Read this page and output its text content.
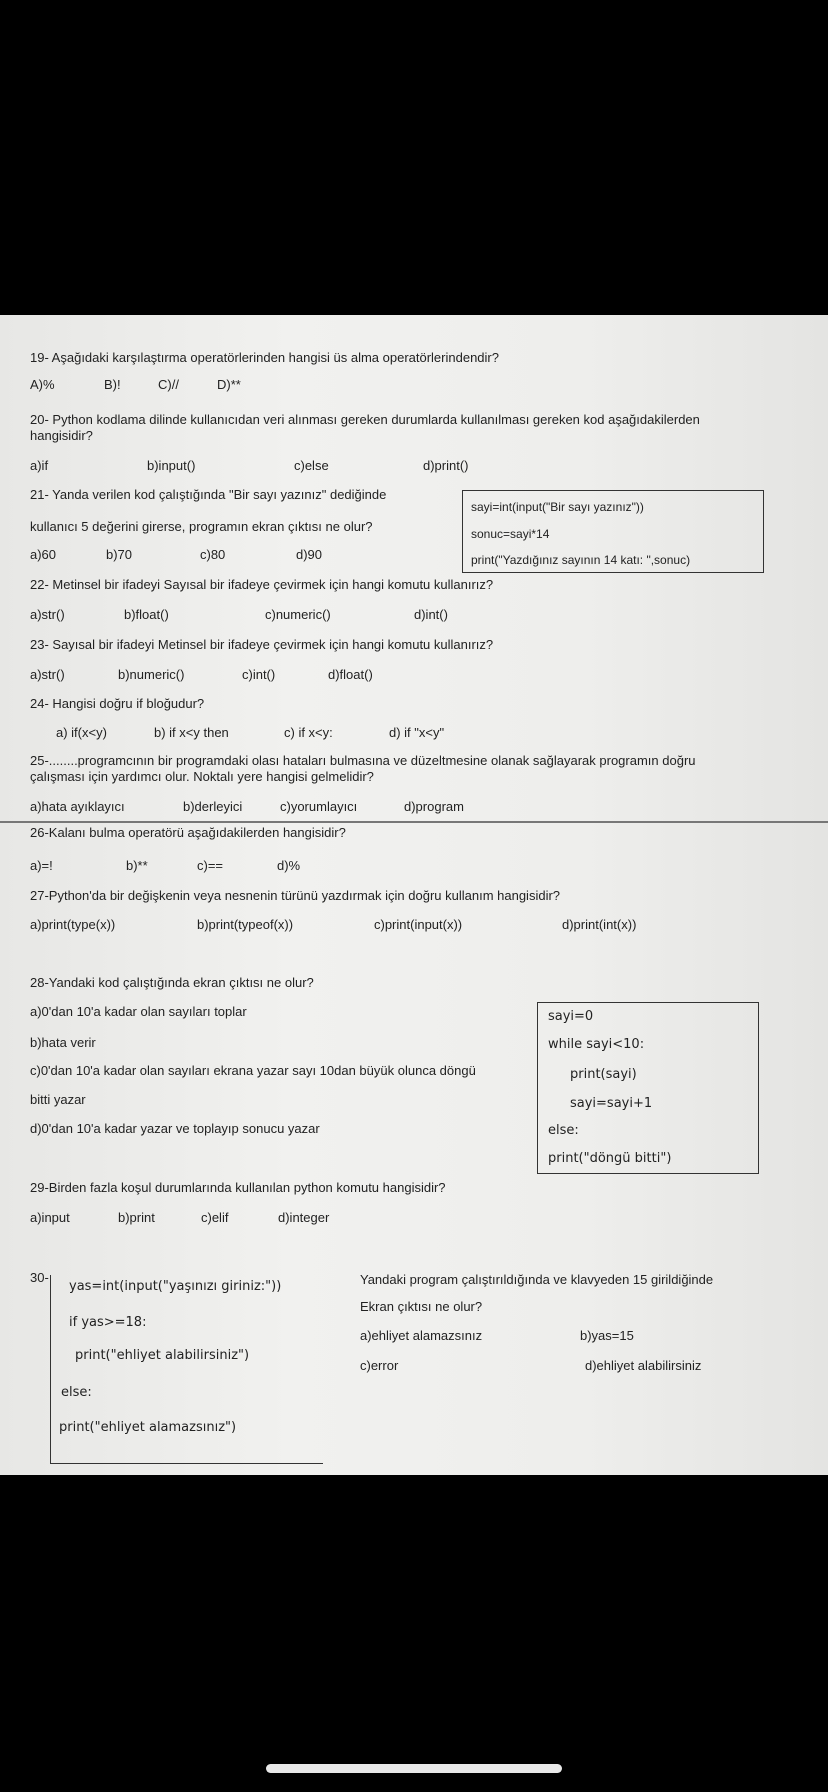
19- Aşağıdaki karşılaştırma operatörlerinden hangisi üs alma operatörlerindendir?
A)%	B)!	C)//	D)**
20- Python kodlama dilinde kullanıcıdan veri alınması gereken durumlarda kullanılması gereken kod aşağıdakilerden
hangisidir?
a)if	b)input()	c)else	d)print()
21- Yanda verilen kod çalıştığında "Bir sayı yazınız" dediğinde
kullanıcı 5 değerini girerse, programın ekran çıktısı ne olur?
a)60	b)70	c)80	d)90
sayi=int(input("Bir sayı yazınız"))
sonuc=sayi*14
print("Yazdığınız sayının 14 katı: ",sonuc)
22- Metinsel bir ifadeyi Sayısal bir ifadeye çevirmek için hangi komutu kullanırız?
a)str()	b)float()	c)numeric()	d)int()
23- Sayısal bir ifadeyi Metinsel bir ifadeye çevirmek için hangi komutu kullanırız?
a)str()	b)numeric()	c)int()	d)float()
24- Hangisi doğru if bloğudur?
a) if(x<y)	b) if x<y then	c) if x<y:	d) if "x<y"
25-........programcının bir programdaki olası hataları bulmasına ve düzeltmesine olanak sağlayarak programın doğru
çalışması için yardımcı olur. Noktalı yere hangisi gelmelidir?
a)hata ayıklayıcı	b)derleyici	c)yorumlayıcı	d)program
26-Kalanı bulma operatörü aşağıdakilerden hangisidir?
a)=!	b)**	c)==	d)%
27-Python'da bir değişkenin veya nesnenin türünü yazdırmak için doğru kullanım hangisidir?
a)print(type(x))	b)print(typeof(x))	c)print(input(x))	d)print(int(x))
28-Yandaki kod çalıştığında ekran çıktısı ne olur?
a)0'dan 10'a kadar olan sayıları toplar
b)hata verir
c)0'dan 10'a kadar olan sayıları ekrana yazar sayı 10dan büyük olunca döngü
bitti yazar
d)0'dan 10'a kadar yazar ve toplayıp sonucu yazar
sayi=0
while sayi<10:
print(sayi)
sayi=sayi+1
else:
print("döngü bitti")
29-Birden fazla koşul durumlarında kullanılan python komutu hangisidir?
a)input	b)print	c)elif	d)integer
30-
yas=int(input("yaşınızı giriniz:"))
if yas>=18:
print("ehliyet alabilirsiniz")
else:
print("ehliyet alamazsınız")
Yandaki program çalıştırıldığında ve klavyeden 15 girildiğinde
Ekran çıktısı ne olur?
a)ehliyet alamazsınız	b)yas=15
c)error	d)ehliyet alabilirsiniz
